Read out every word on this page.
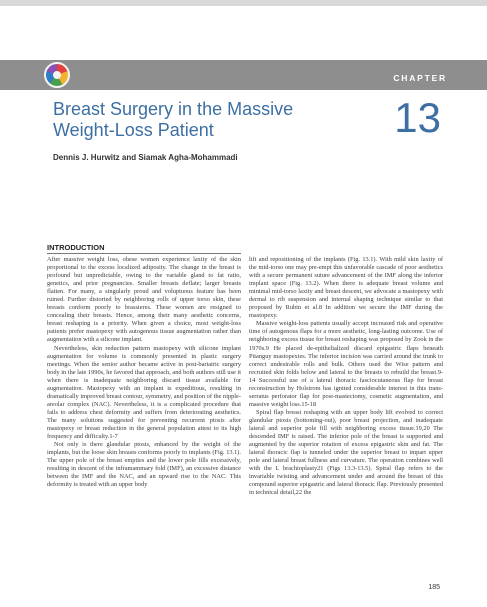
CHAPTER
Breast Surgery in the Massive Weight-Loss Patient	13
Dennis J. Hurwitz and Siamak Agha-Mohammadi
INTRODUCTION

After massive weight loss, obese women experience laxity of the skin proportional to the excess localized adiposity. The change in the breast is profound but unpredictable, owing to the variable gland to fat ratio, genetics, and prior pregnancies. Smaller breasts deflate; larger breasts flatten. For many, a singularly proud and voluptuous feature has been ruined. Further distorted by neighboring rolls of upper torso skin, these breasts conform poorly to brassieres. These women are resigned to concealing their breasts. Hence, among their many aesthetic concerns, breast reshaping is a priority. When given a choice, most weight-loss patients prefer mastopexy with autogenous tissue augmentation rather than augmentation with a silicone implant.

Nevertheless, skin reduction pattern mastopexy with silicone implant augmentation for volume is commonly presented in plastic surgery meetings. When the senior author became active in post-bariatric surgery body in the late 1990s, he favored that approach, and both authors still use it when there is inadequate neighboring discard tissue available for augmentation. Mastopexy with an implant is expeditious, resulting in dramatically improved breast contour, symmetry, and position of the nipple-areolar complex (NAC). Nevertheless, it is a complicated procedure that fails to address chest deformity and suffers from deteriorating aesthetics. The many solutions suggested for preventing recurrent ptosis after mastopexy or breast reduction in the general population attest to its high frequency and difficulty.1-7

Not only is there glandular ptosis, enhanced by the weight of the implants, but the loose skin breasts conforms poorly to implants (Fig. 13.1). The upper pole of the breast empties and the lower pole fills excessively, resulting in descent of the inframammary fold (IMF), an excessive distance between the IMF and the NAC, and an upward rise to the NAC. This deformity is treated with an upper body

lift and repositioning of the implants (Fig. 13.1). With mild skin laxity of the mid-torso one may pre-empt this unfavorable cascade of poor aesthetics with a secure permanent suture advancement of the IMF along the inferior implant space (Fig. 13.2). When there is adequate breast volume and minimal mid-torso laxity and breast descent, we advocate a mastopexy with dermal to rib suspension and internal shaping technique similar to that proposed by Rubin et al.8 In addition we secure the IMF during the mastopexy.

Massive weight-loss patients usually accept increased risk and operative time of autogenous flaps for a more aesthetic, long-lasting outcome. Use of neighboring excess tissue for breast reshaping was proposed by Zook in the 1970s.9 He placed de-epithelialized discard epigastric flaps beneath Pitanguy mastopexies. The inferior incision was carried around the trunk to correct undesirable rolls and bulk. Others used the Wise pattern and recruited skin folds below and lateral to the breasts to rebuild the breast.9-14 Successful use of a lateral thoracic fasciocutaneous flap for breast reconstruction by Holstrom has ignited considerable interest in this trans-serratus perforator flap for post-mastectomy, cosmetic augmentation, and massive weight loss.15-18

Spiral flap breast reshaping with an upper body lift evolved to correct glandular ptosis (bottoming-out), poor breast projection, and inadequate lateral and superior pole fill with neighboring excess tissue.19,20 The descended IMF is raised. The inferior pole of the breast is supported and augmented by the superior rotation of excess epigastric skin and fat. The lateral thoracic flap is tunneled under the superior breast to impart upper pole and lateral breast fullness and curvature. The operation combines well with the L brachioplasty21 (Figs 13.3-13.5). Spiral flap refers to the invariable twisting and advancement under and around the breast of this compound superior epigastric and lateral thoracic flap. Previously presented in technical detail,22 the

185
